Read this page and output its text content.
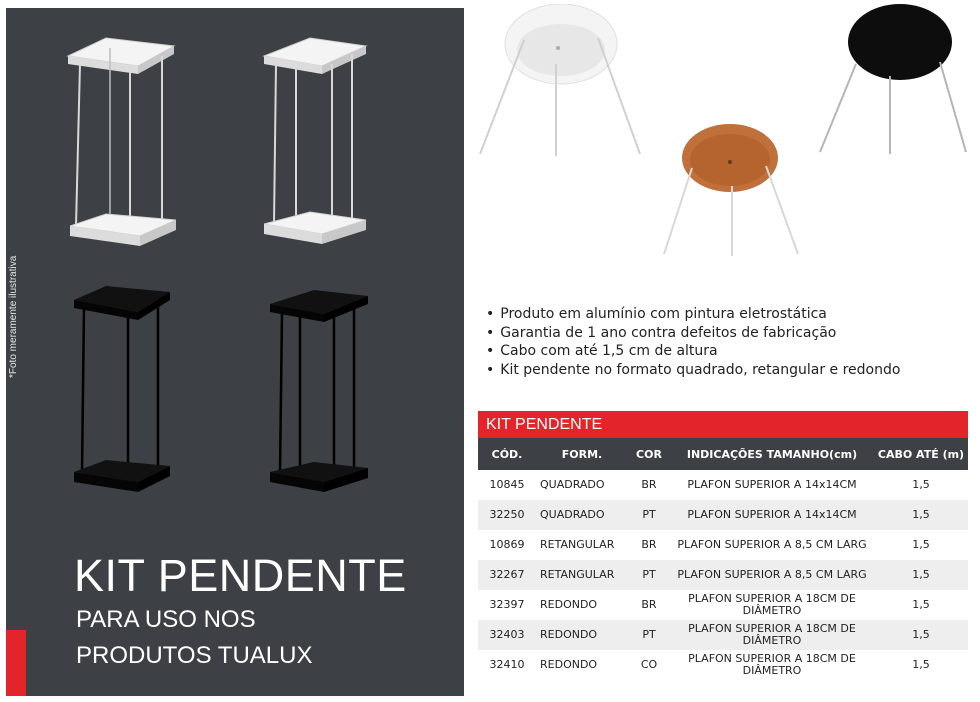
*Foto meramente ilustrativa
KIT PENDENTE
PARA USO NOS
PRODUTOS TUALUX
• Produto em alumínio com pintura eletrostática
• Garantia de 1 ano contra defeitos de fabricação
• Cabo com até 1,5 cm de altura
• Kit pendente no formato quadrado, retangular e redondo
KIT PENDENTE
CÓD.	FORM.	COR	INDICAÇÕES TAMANHO(cm)	CABO ATÉ (m)
10845	QUADRADO	BR	PLAFON SUPERIOR A 14x14CM	1,5
32250	QUADRADO	PT	PLAFON SUPERIOR A 14x14CM	1,5
10869	RETANGULAR	BR	PLAFON SUPERIOR A 8,5 CM LARG	1,5
32267	RETANGULAR	PT	PLAFON SUPERIOR A 8,5 CM LARG	1,5
32397	REDONDO	BR	PLAFON SUPERIOR A 18CM DE DIÂMETRO	1,5
32403	REDONDO	PT	PLAFON SUPERIOR A 18CM DE DIÂMETRO	1,5
32410	REDONDO	CO	PLAFON SUPERIOR A 18CM DE DIÂMETRO	1,5
